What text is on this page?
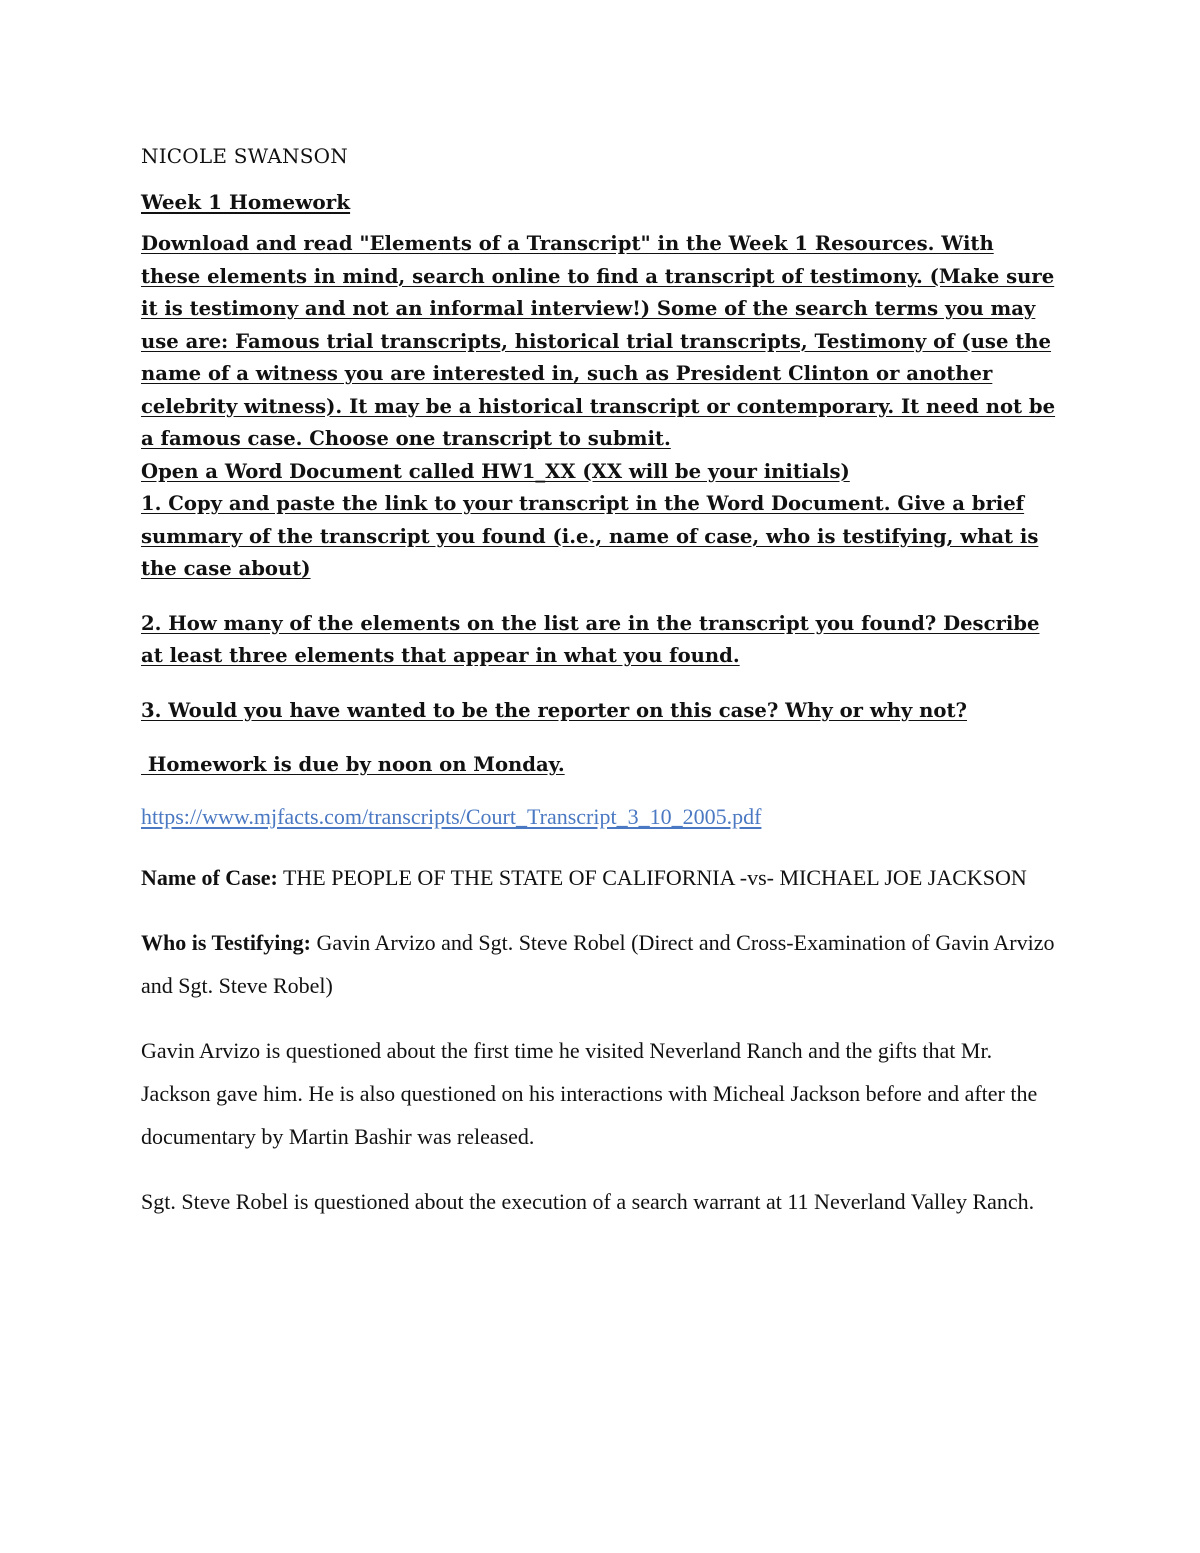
NICOLE SWANSON

Week 1 Homework

Download and read "Elements of a Transcript" in the Week 1 Resources. With these elements in mind, search online to find a transcript of testimony. (Make sure it is testimony and not an informal interview!) Some of the search terms you may use are: Famous trial transcripts, historical trial transcripts, Testimony of (use the name of a witness you are interested in, such as President Clinton or another celebrity witness). It may be a historical transcript or contemporary. It need not be a famous case. Choose one transcript to submit.

Open a Word Document called HW1_XX (XX will be your initials)

1. Copy and paste the link to your transcript in the Word Document. Give a brief summary of the transcript you found (i.e., name of case, who is testifying, what is the case about)

2. How many of the elements on the list are in the transcript you found? Describe at least three elements that appear in what you found.

3. Would you have wanted to be the reporter on this case? Why or why not?

Homework is due by noon on Monday.

https://www.mjfacts.com/transcripts/Court_Transcript_3_10_2005.pdf

Name of Case: THE PEOPLE OF THE STATE OF CALIFORNIA -vs- MICHAEL JOE JACKSON

Who is Testifying: Gavin Arvizo and Sgt. Steve Robel (Direct and Cross-Examination of Gavin Arvizo and Sgt. Steve Robel)

Gavin Arvizo is questioned about the first time he visited Neverland Ranch and the gifts that Mr. Jackson gave him. He is also questioned on his interactions with Micheal Jackson before and after the documentary by Martin Bashir was released.

Sgt. Steve Robel is questioned about the execution of a search warrant at 11 Neverland Valley Ranch.
